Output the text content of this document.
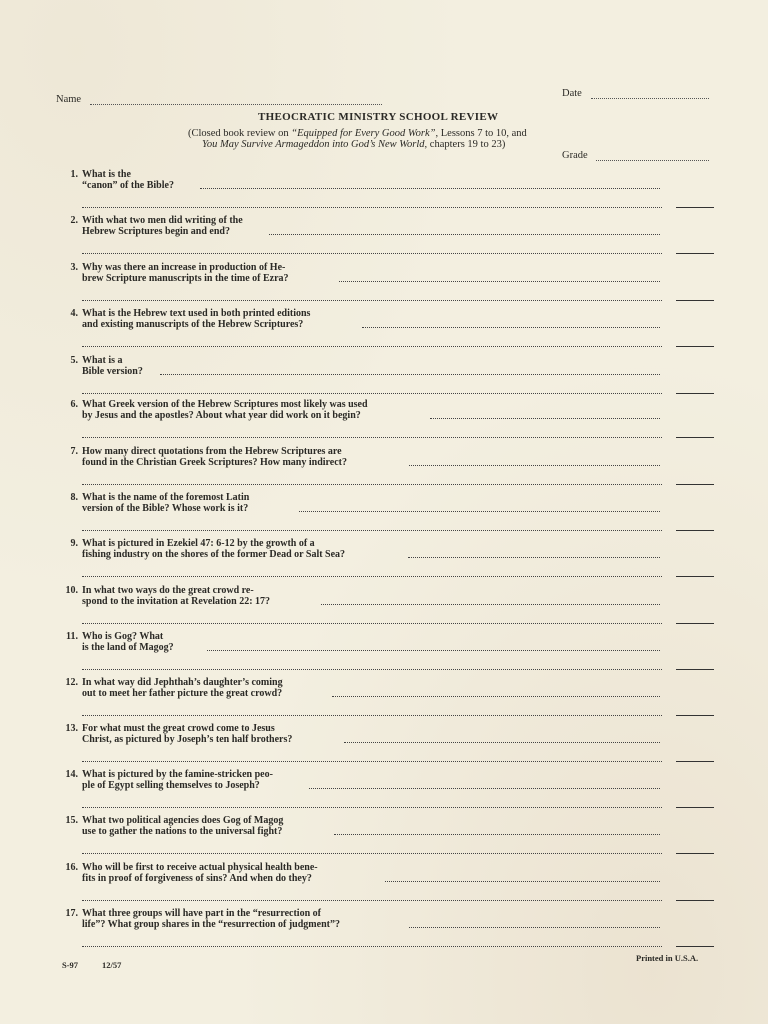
Name
Date
THEOCRATIC MINISTRY SCHOOL REVIEW
(Closed book review on “Equipped for Every Good Work”, Lessons 7 to 10, and
You May Survive Armageddon into God’s New World, chapters 19 to 23)
Grade
1. What is the
“canon” of the Bible?
2. With what two men did writing of the
Hebrew Scriptures begin and end?
3. Why was there an increase in production of He-
brew Scripture manuscripts in the time of Ezra?
4. What is the Hebrew text used in both printed editions
and existing manuscripts of the Hebrew Scriptures?
5. What is a
Bible version?
6. What Greek version of the Hebrew Scriptures most likely was used
by Jesus and the apostles? About what year did work on it begin?
7. How many direct quotations from the Hebrew Scriptures are
found in the Christian Greek Scriptures? How many indirect?
8. What is the name of the foremost Latin
version of the Bible? Whose work is it?
9. What is pictured in Ezekiel 47: 6-12 by the growth of a
fishing industry on the shores of the former Dead or Salt Sea?
10. In what two ways do the great crowd re-
spond to the invitation at Revelation 22: 17?
11. Who is Gog? What
is the land of Magog?
12. In what way did Jephthah’s daughter’s coming
out to meet her father picture the great crowd?
13. For what must the great crowd come to Jesus
Christ, as pictured by Joseph’s ten half brothers?
14. What is pictured by the famine-stricken peo-
ple of Egypt selling themselves to Joseph?
15. What two political agencies does Gog of Magog
use to gather the nations to the universal fight?
16. Who will be first to receive actual physical health bene-
fits in proof of forgiveness of sins? And when do they?
17. What three groups will have part in the “resurrection of
life”? What group shares in the “resurrection of judgment”?
S-97	12/57
Printed in U.S.A.
